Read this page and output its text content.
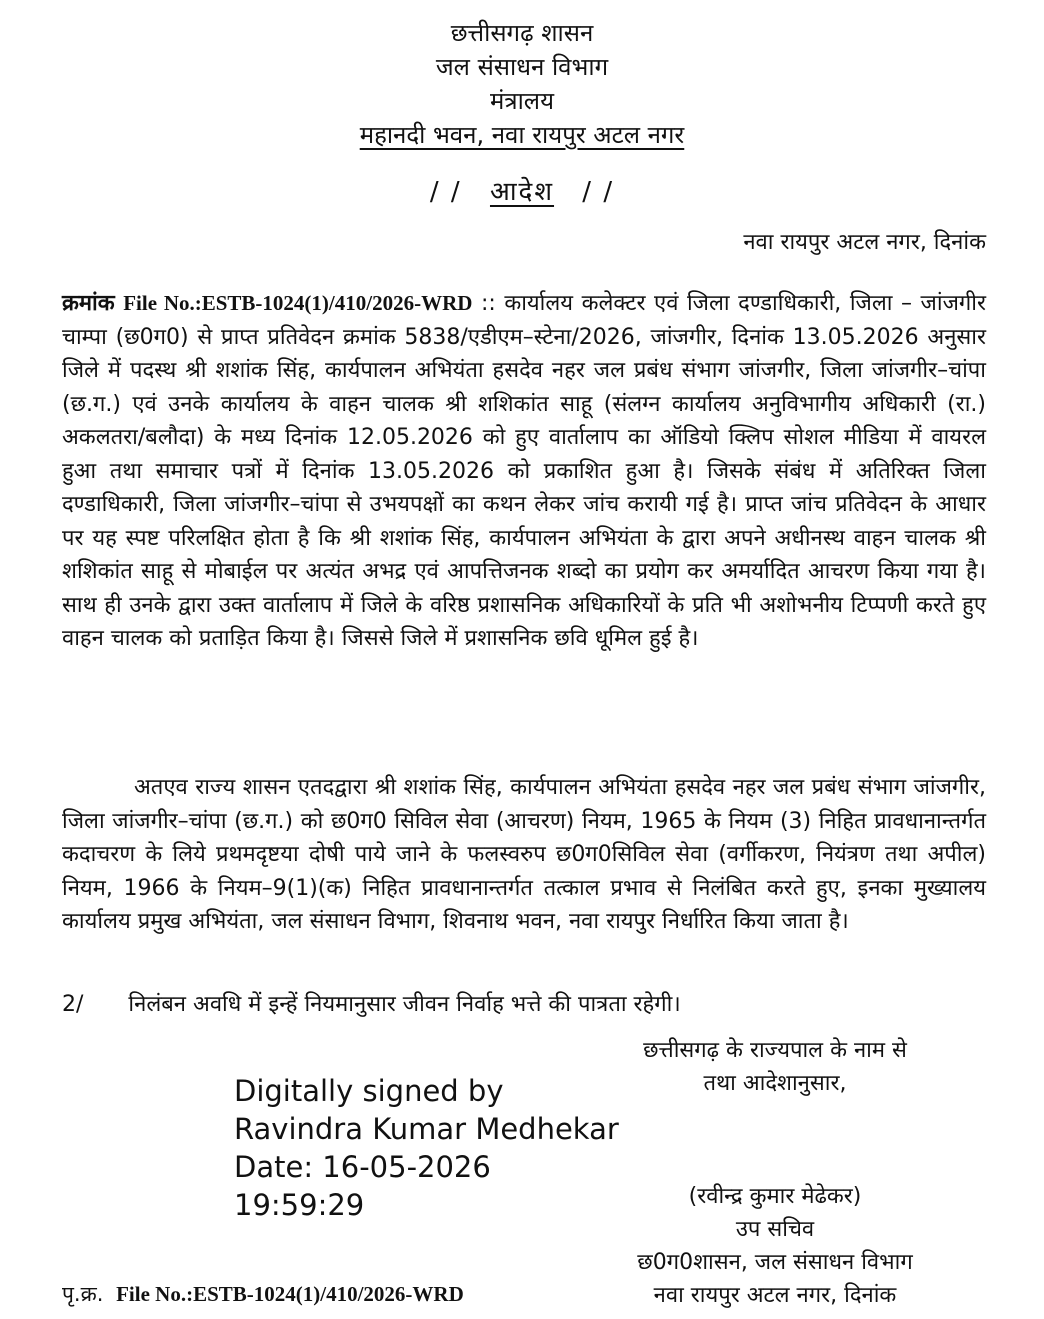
छत्तीसगढ़ शासन
जल संसाधन विभाग
मंत्रालय
महानदी भवन, नवा रायपुर अटल नगर
/ / आदेश / /
नवा रायपुर अटल नगर, दिनांक

क्रमांक File No.:ESTB-1024(1)/410/2026-WRD :: कार्यालय कलेक्टर एवं जिला दण्डाधिकारी, जिला – जांजगीर चाम्पा (छ0ग0) से प्राप्त प्रतिवेदन क्रमांक 5838/एडीएम–स्टेना/2026, जांजगीर, दिनांक 13.05.2026 अनुसार जिले में पदस्थ श्री शशांक सिंह, कार्यपालन अभियंता हसदेव नहर जल प्रबंध संभाग जांजगीर, जिला जांजगीर–चांपा (छ.ग.) एवं उनके कार्यालय के वाहन चालक श्री शशिकांत साहू (संलग्न कार्यालय अनुविभागीय अधिकारी (रा.) अकलतरा/बलौदा) के मध्य दिनांक 12.05.2026 को हुए वार्तालाप का ऑडियो क्लिप सोशल मीडिया में वायरल हुआ तथा समाचार पत्रों में दिनांक 13.05.2026 को प्रकाशित हुआ है। जिसके संबंध में अतिरिक्त जिला दण्डाधिकारी, जिला जांजगीर–चांपा से उभयपक्षों का कथन लेकर जांच करायी गई है। प्राप्त जांच प्रतिवेदन के आधार पर यह स्पष्ट परिलक्षित होता है कि श्री शशांक सिंह, कार्यपालन अभियंता के द्वारा अपने अधीनस्थ वाहन चालक श्री शशिकांत साहू से मोबाईल पर अत्यंत अभद्र एवं आपत्तिजनक शब्दो का प्रयोग कर अमर्यादित आचरण किया गया है। साथ ही उनके द्वारा उक्त वार्तालाप में जिले के वरिष्ठ प्रशासनिक अधिकारियों के प्रति भी अशोभनीय टिप्पणी करते हुए वाहन चालक को प्रताड़ित किया है। जिससे जिले में प्रशासनिक छवि धूमिल हुई है।

अतएव राज्य शासन एतदद्वारा श्री शशांक सिंह, कार्यपालन अभियंता हसदेव नहर जल प्रबंध संभाग जांजगीर, जिला जांजगीर–चांपा (छ.ग.) को छ0ग0 सिविल सेवा (आचरण) नियम, 1965 के नियम (3) निहित प्रावधानान्तर्गत कदाचरण के लिये प्रथमदृष्टया दोषी पाये जाने के फलस्वरुप छ0ग0सिविल सेवा (वर्गीकरण, नियंत्रण तथा अपील) नियम, 1966 के नियम–9(1)(क) निहित प्रावधानान्तर्गत तत्काल प्रभाव से निलंबित करते हुए, इनका मुख्यालय कार्यालय प्रमुख अभियंता, जल संसाधन विभाग, शिवनाथ भवन, नवा रायपुर निर्धारित किया जाता है।

2/ निलंबन अवधि में इन्हें नियमानुसार जीवन निर्वाह भत्ते की पात्रता रहेगी।
छत्तीसगढ़ के राज्यपाल के नाम से
तथा आदेशानुसार,
Digitally signed by
Ravindra Kumar Medhekar
Date: 16-05-2026
19:59:29	(रवीन्द्र कुमार मेढेकर)
उप सचिव
छ0ग0शासन, जल संसाधन विभाग
नवा रायपुर अटल नगर, दिनांक
पृ.क्र. File No.:ESTB-1024(1)/410/2026-WRD
